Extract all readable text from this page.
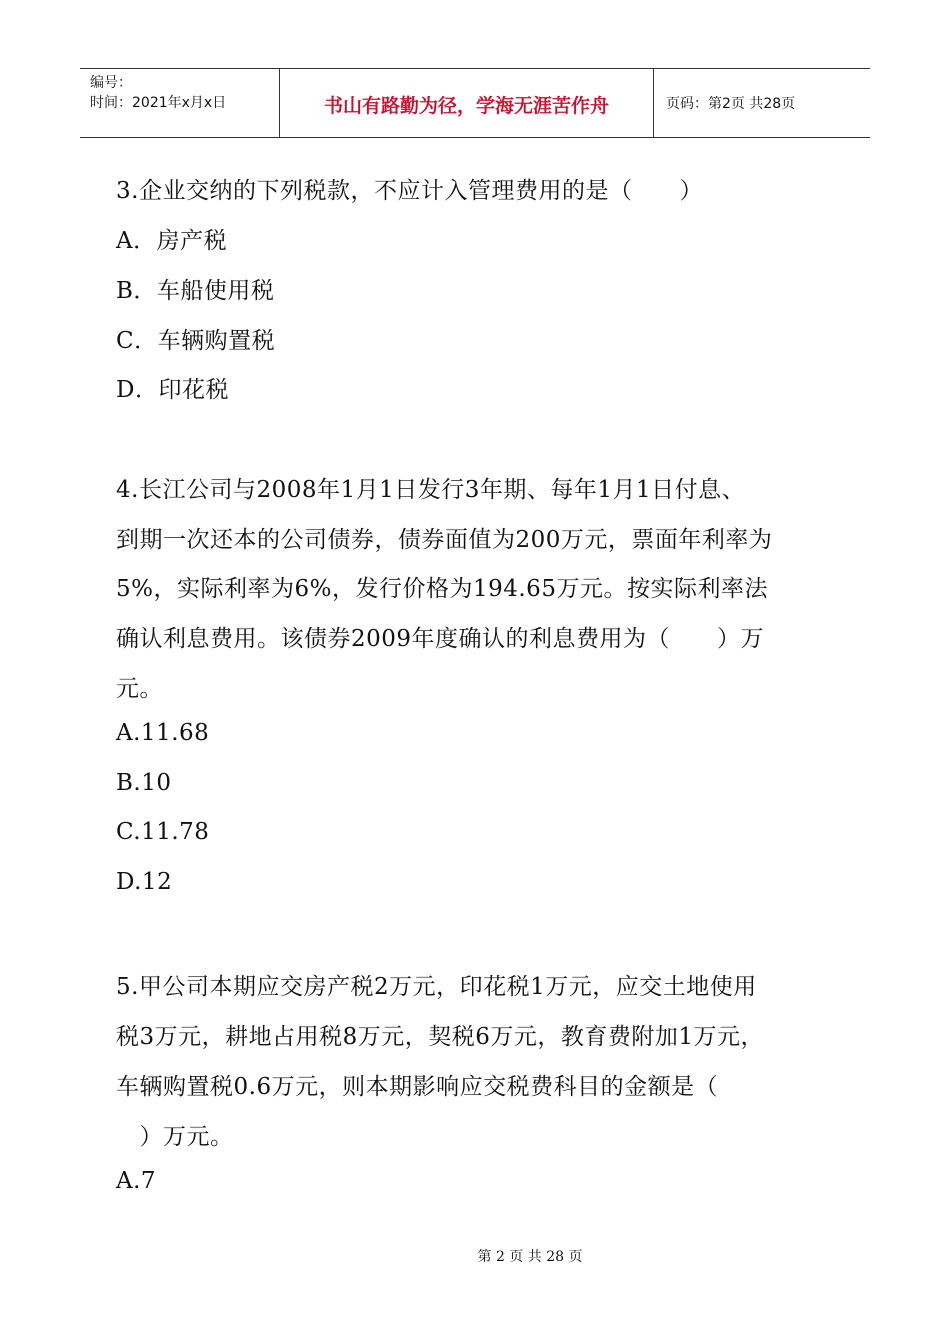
编号：
时间：2021年x月x日	书山有路勤为径，学海无涯苦作舟	页码：第2页 共28页
3.企业交纳的下列税款，不应计入管理费用的是（　　）
A．房产税
B．车船使用税
C．车辆购置税
D．印花税
4.长江公司与2008年1月1日发行3年期、每年1月1日付息、
到期一次还本的公司债券，债券面值为200万元，票面年利率为
5%，实际利率为6%，发行价格为194.65万元。按实际利率法
确认利息费用。该债券2009年度确认的利息费用为（　　）万
元。
A.11.68
B.10
C.11.78
D.12
5.甲公司本期应交房产税2万元，印花税1万元，应交土地使用
税3万元，耕地占用税8万元，契税6万元，教育费附加1万元，
车辆购置税0.6万元，则本期影响应交税费科目的金额是（
　）万元。
A.7
第 2 页 共 28 页
